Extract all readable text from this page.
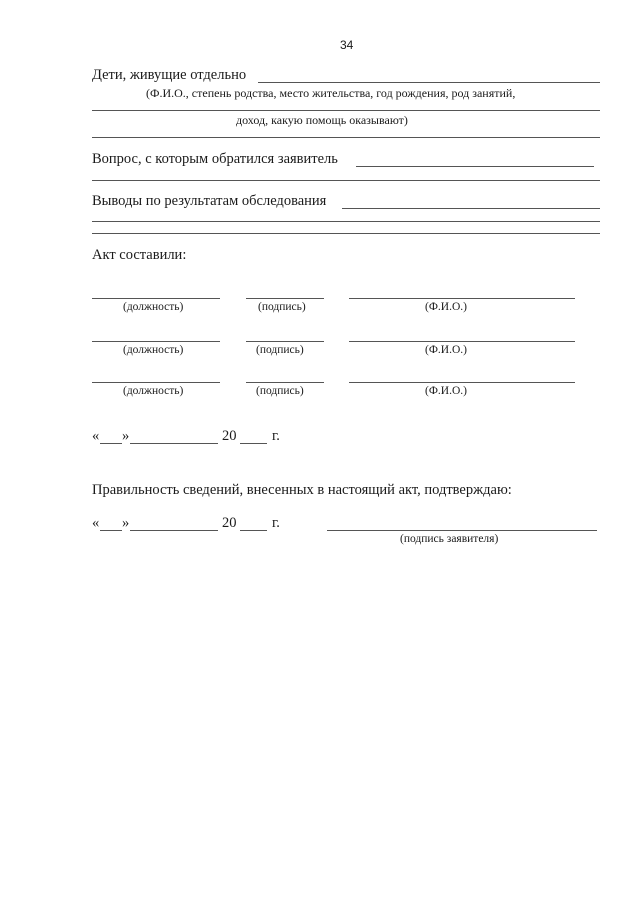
34
Дети, живущие отдельно
(Ф.И.О., степень родства, место жительства, год рождения, род занятий,
доход, какую помощь оказывают)
Вопрос, с которым обратился заявитель
Выводы по результатам обследования
Акт составили:
(должность)	(подпись)	(Ф.И.О.)
(должность)	(подпись)	(Ф.И.О.)
(должность)	(подпись)	(Ф.И.О.)
« »	20 г.
Правильность сведений, внесенных в настоящий акт, подтверждаю:
« »	20 г.
(подпись заявителя)
